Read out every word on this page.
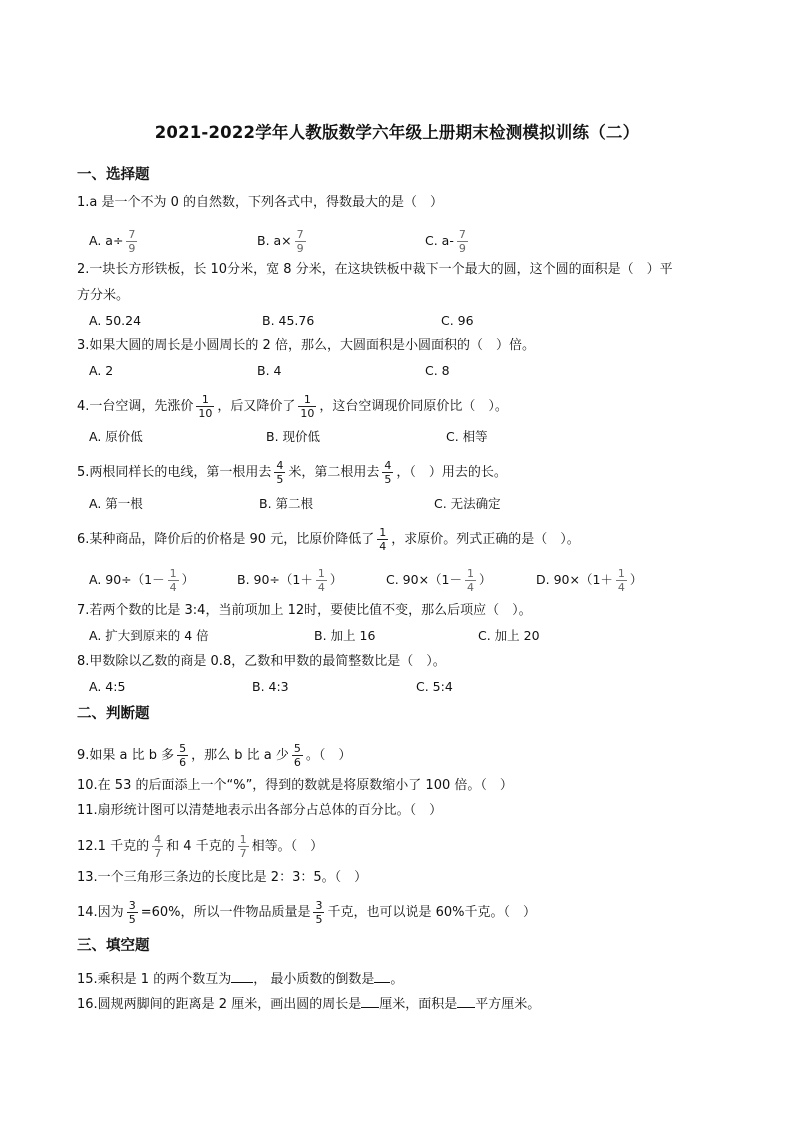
2021-2022学年人教版数学六年级上册期末检测模拟训练（二）
一、选择题
1.a 是一个不为 0 的自然数，下列各式中，得数最大的是（　）
A. $a\div \frac{7}{9}$	B. $a\times \frac{7}{9}$	C. $a- \frac{7}{9}$
2.一块长方形铁板，长 10分米，宽 8 分米，在这块铁板中裁下一个最大的圆，这个圆的面积是（　）平
方分米。
A. 50.24	B. 45.76	C. 96
3.如果大圆的周长是小圆周长的 2 倍，那么，大圆面积是小圆面积的（　）倍。
A. 2	B. 4	C. 8
4.一台空调，先涨价 $\frac{1}{10}$ ，后又降价了 $\frac{1}{10}$ ，这台空调现价同原价比（　）。
A. 原价低	B. 现价低	C. 相等
5.两根同样长的电线，第一根用去 $\frac{4}{5}$ 米，第二根用去 $\frac{4}{5}$ ，（　）用去的长。
A. 第一根	B. 第二根	C. 无法确定
6.某种商品，降价后的价格是 90 元，比原价降低了 $\frac{1}{4}$ ，求原价。列式正确的是（　）。
A. $90\div(1- \frac{1}{4}$ ）	B. $90\div(1+ \frac{1}{4}$ ）	C. $90\times(1- \frac{1}{4}$ ）	D. $90\times(1+ \frac{1}{4}$ ）
7.若两个数的比是 3:4，当前项加上 12时，要使比值不变，那么后项应（　）。
A. 扩大到原来的 4 倍	B. 加上 16	C. 加上 20
8.甲数除以乙数的商是 0.8，乙数和甲数的最简整数比是（　）。
A. 4:5	B. 4:3	C. 5:4
二、判断题
9.如果 a 比 b 多 $\frac{5}{6}$ ，那么 b 比 a 少 $\frac{5}{6}$ 。（　）
10.在 53 的后面添上一个“%”，得到的数就是将原数缩小了 100 倍。（　）
11.扇形统计图可以清楚地表示出各部分占总体的百分比。（　）
12.1 千克的 $\frac{4}{7}$ 和 4 千克的 $\frac{1}{7}$ 相等。（　）
13.一个三角形三条边的长度比是 2：3：5。（　）
14.因为 $\frac{3}{5} =60\%$，所以一件物品质量是 $\frac{3}{5}$ 千克，也可以说是 60%千克。（　）
三、填空题
15.乘积是 1 的两个数互为 ， 最小质数的倒数是 。
16.圆规两脚间的距离是 2 厘米，画出圆的周长是 厘米，面积是 平方厘米。
